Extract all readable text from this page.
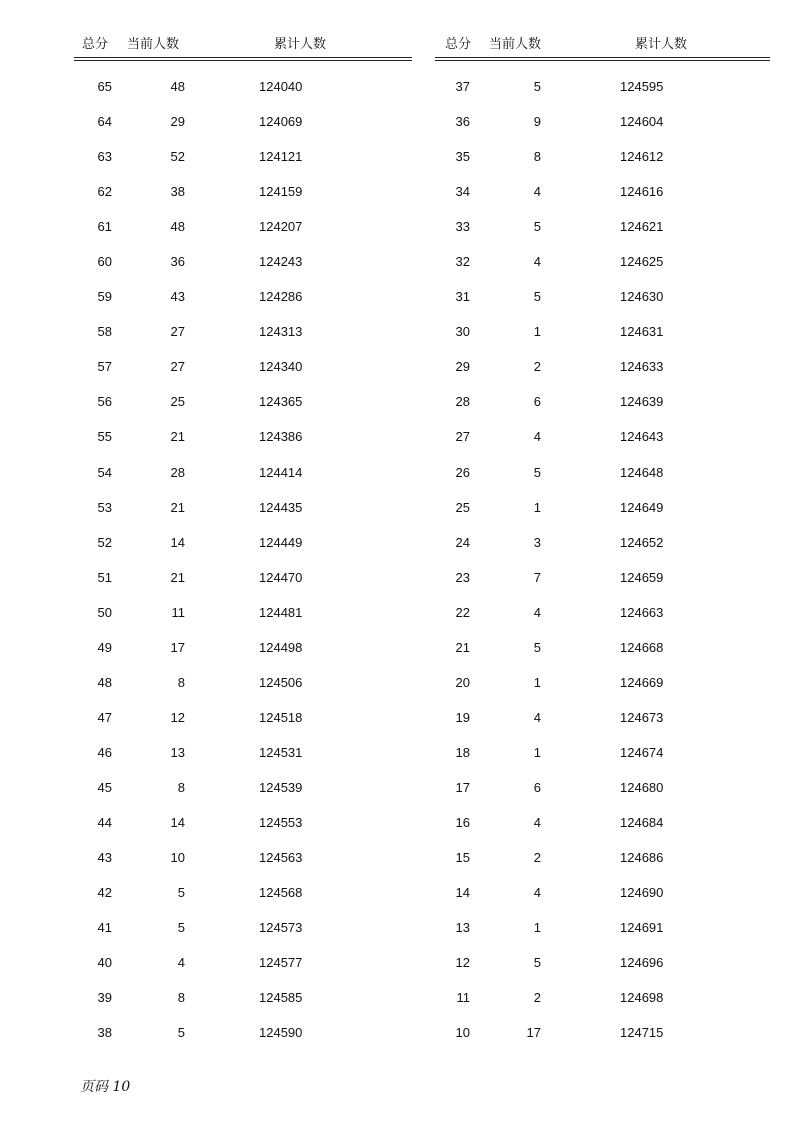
总分 当前人数	累计人数
65	48	124040
64	29	124069
63	52	124121
62	38	124159
61	48	124207
60	36	124243
59	43	124286
58	27	124313
57	27	124340
56	25	124365
55	21	124386
54	28	124414
53	21	124435
52	14	124449
51	21	124470
50	11	124481
49	17	124498
48	8	124506
47	12	124518
46	13	124531
45	8	124539
44	14	124553
43	10	124563
42	5	124568
41	5	124573
40	4	124577
39	8	124585
38	5	124590
总分 当前人数	累计人数
37	5	124595
36	9	124604
35	8	124612
34	4	124616
33	5	124621
32	4	124625
31	5	124630
30	1	124631
29	2	124633
28	6	124639
27	4	124643
26	5	124648
25	1	124649
24	3	124652
23	7	124659
22	4	124663
21	5	124668
20	1	124669
19	4	124673
18	1	124674
17	6	124680
16	4	124684
15	2	124686
14	4	124690
13	1	124691
12	5	124696
11	2	124698
10	17	124715
页码 10
